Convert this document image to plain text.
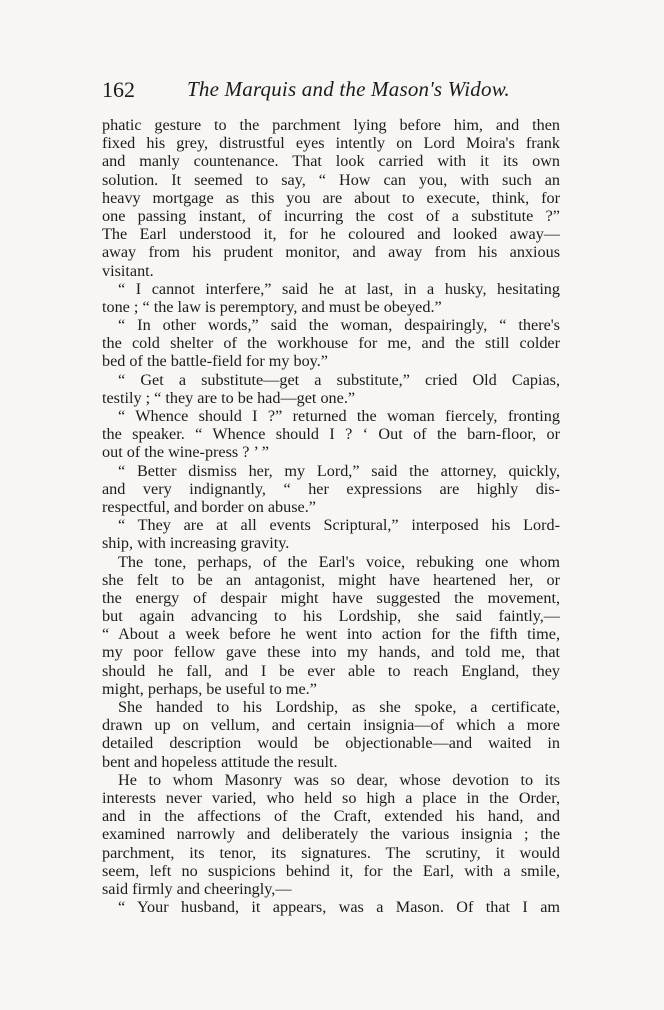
162 The Marquis and the Mason's Widow.
phatic gesture to the parchment lying before him, and then
fixed his grey, distrustful eyes intently on Lord Moira's frank
and manly countenance. That look carried with it its own
solution. It seemed to say, “ How can you, with such an
heavy mortgage as this you are about to execute, think, for
one passing instant, of incurring the cost of a substitute ?”
The Earl understood it, for he coloured and looked away—
away from his prudent monitor, and away from his anxious
visitant.
“ I cannot interfere,” said he at last, in a husky, hesitating
tone ; “ the law is peremptory, and must be obeyed.”
“ In other words,” said the woman, despairingly, “ there's
the cold shelter of the workhouse for me, and the still colder
bed of the battle-field for my boy.”
“ Get a substitute—get a substitute,” cried Old Capias,
testily ; “ they are to be had—get one.”
“ Whence should I ?” returned the woman fiercely, fronting
the speaker. “ Whence should I ? ‘ Out of the barn-floor, or
out of the wine-press ? ’ ”
“ Better dismiss her, my Lord,” said the attorney, quickly,
and very indignantly, “ her expressions are highly dis-
respectful, and border on abuse.”
“ They are at all events Scriptural,” interposed his Lord-
ship, with increasing gravity.
The tone, perhaps, of the Earl's voice, rebuking one whom
she felt to be an antagonist, might have heartened her, or
the energy of despair might have suggested the movement,
but again advancing to his Lordship, she said faintly,—
“ About a week before he went into action for the fifth time,
my poor fellow gave these into my hands, and told me, that
should he fall, and I be ever able to reach England, they
might, perhaps, be useful to me.”
She handed to his Lordship, as she spoke, a certificate,
drawn up on vellum, and certain insignia—of which a more
detailed description would be objectionable—and waited in
bent and hopeless attitude the result.
He to whom Masonry was so dear, whose devotion to its
interests never varied, who held so high a place in the Order,
and in the affections of the Craft, extended his hand, and
examined narrowly and deliberately the various insignia ; the
parchment, its tenor, its signatures. The scrutiny, it would
seem, left no suspicions behind it, for the Earl, with a smile,
said firmly and cheeringly,—
“ Your husband, it appears, was a Mason. Of that I am
